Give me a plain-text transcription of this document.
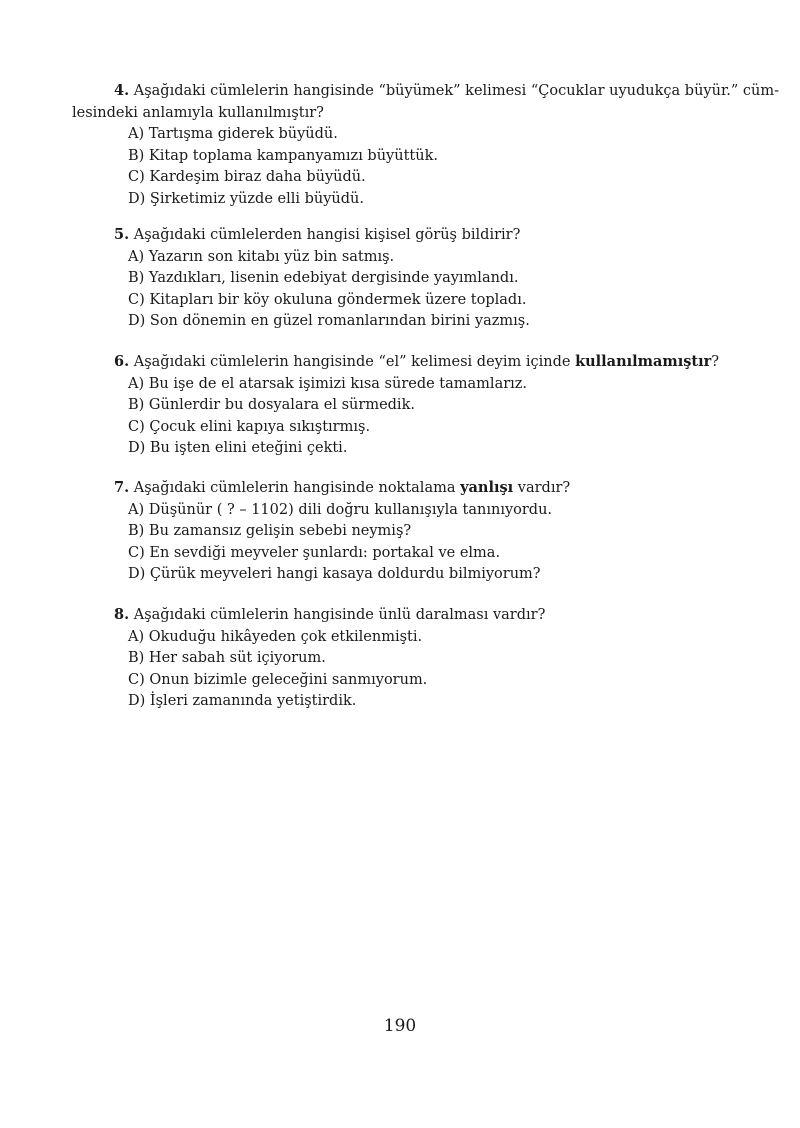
4. Aşağıdaki cümlelerin hangisinde “büyümek” kelimesi “Çocuklar uyudukça büyür.” cüm-
lesindeki anlamıyla kullanılmıştır?
A) Tartışma giderek büyüdü.
B) Kitap toplama kampanyamızı büyüttük.
C) Kardeşim biraz daha büyüdü.
D) Şirketimiz yüzde elli büyüdü.
5. Aşağıdaki cümlelerden hangisi kişisel görüş bildirir?
A) Yazarın son kitabı yüz bin satmış.
B) Yazdıkları, lisenin edebiyat dergisinde yayımlandı.
C) Kitapları bir köy okuluna göndermek üzere topladı.
D) Son dönemin en güzel romanlarından birini yazmış.
6. Aşağıdaki cümlelerin hangisinde “el” kelimesi deyim içinde kullanılmamıştır?
A) Bu işe de el atarsak işimizi kısa sürede tamamlarız.
B) Günlerdir bu dosyalara el sürmedik.
C) Çocuk elini kapıya sıkıştırmış.
D) Bu işten elini eteğini çekti.
7. Aşağıdaki cümlelerin hangisinde noktalama yanlışı vardır?
A) Düşünür ( ? – 1102) dili doğru kullanışıyla tanınıyordu.
B) Bu zamansız gelişin sebebi neymiş?
C) En sevdiği meyveler şunlardı: portakal ve elma.
D) Çürük meyveleri hangi kasaya doldurdu bilmiyorum?
8. Aşağıdaki cümlelerin hangisinde ünlü daralması vardır?
A) Okuduğu hikâyeden çok etkilenmişti.
B) Her sabah süt içiyorum.
C) Onun bizimle geleceğini sanmıyorum.
D) İşleri zamanında yetiştirdik.
190
